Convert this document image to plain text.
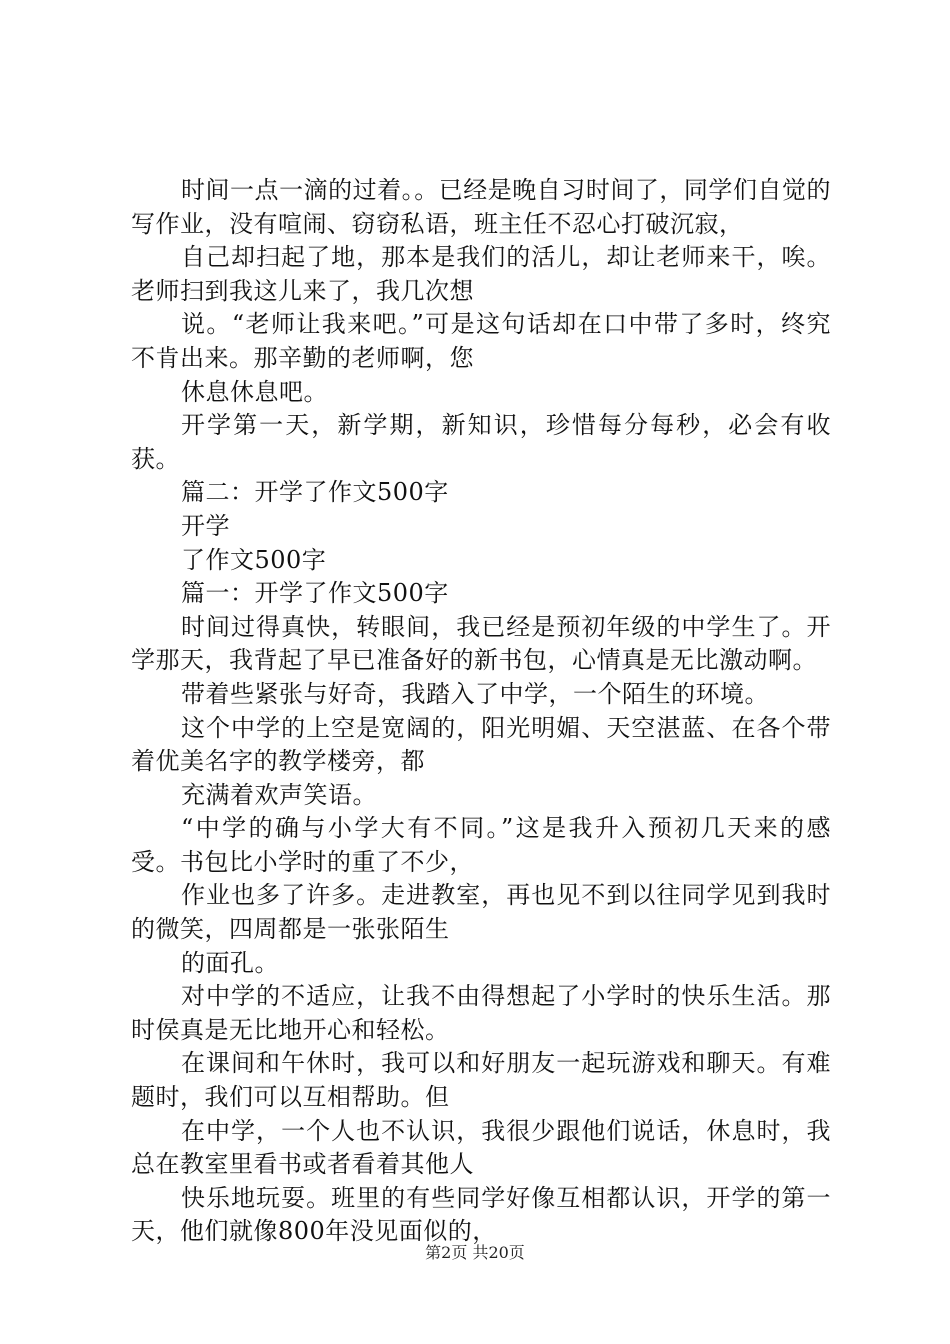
时间一点一滴的过着。。已经是晚自习时间了，同学们自觉的写作业，没有喧闹、窃窃私语，班主任不忍心打破沉寂，

自己却扫起了地，那本是我们的活儿，却让老师来干，唉。老师扫到我这儿来了，我几次想

说。“老师让我来吧。”可是这句话却在口中带了多时，终究不肯出来。那辛勤的老师啊，您

休息休息吧。

开学第一天，新学期，新知识，珍惜每分每秒，必会有收获。

篇二：开学了作文500字

开学

了作文500字

篇一：开学了作文500字

时间过得真快，转眼间，我已经是预初年级的中学生了。开学那天，我背起了早已准备好的新书包，心情真是无比激动啊。

带着些紧张与好奇，我踏入了中学，一个陌生的环境。

这个中学的上空是宽阔的，阳光明媚、天空湛蓝、在各个带着优美名字的教学楼旁，都

充满着欢声笑语。

“中学的确与小学大有不同。”这是我升入预初几天来的感受。书包比小学时的重了不少，

作业也多了许多。走进教室，再也见不到以往同学见到我时的微笑，四周都是一张张陌生

的面孔。

对中学的不适应，让我不由得想起了小学时的快乐生活。那时侯真是无比地开心和轻松。

在课间和午休时，我可以和好朋友一起玩游戏和聊天。有难题时，我们可以互相帮助。但

在中学，一个人也不认识，我很少跟他们说话，休息时，我总在教室里看书或者看着其他人

快乐地玩耍。班里的有些同学好像互相都认识，开学的第一天，他们就像800年没见面似的，

第2页 共20页
